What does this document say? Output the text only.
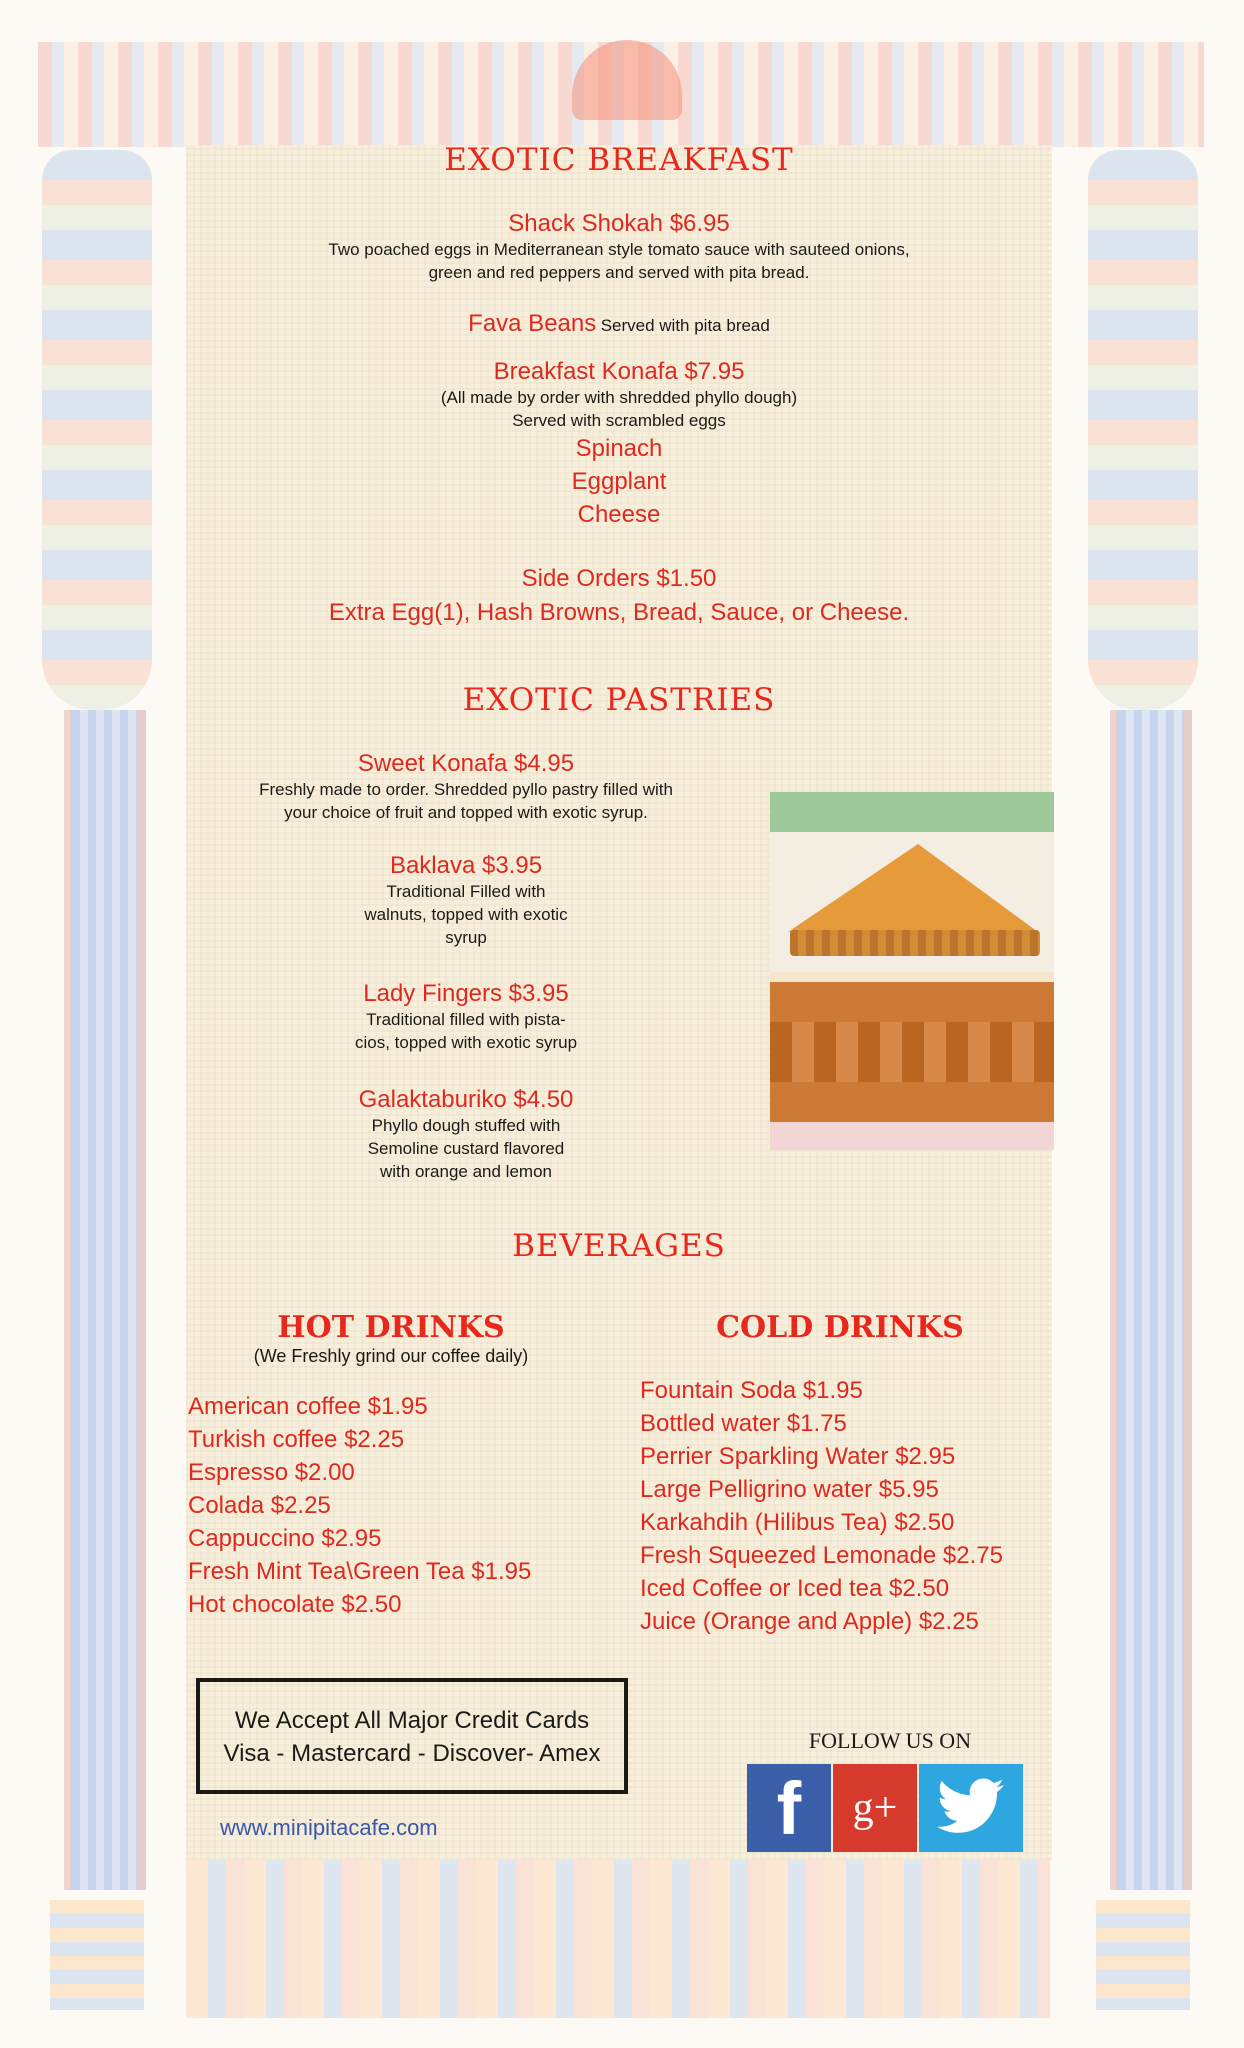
EXOTIC BREAKFAST
Shack Shokah $6.95
Two poached eggs in Mediterranean style tomato sauce with sauteed onions,
green and red peppers and served with pita bread.
Fava Beans Served with pita bread
Breakfast Konafa $7.95
(All made by order with shredded phyllo dough)
Served with scrambled eggs
Spinach
Eggplant
Cheese
Side Orders $1.50
Extra Egg(1), Hash Browns, Bread, Sauce, or Cheese.
EXOTIC PASTRIES
Sweet Konafa $4.95
Freshly made to order. Shredded pyllo pastry filled with
your choice of fruit and topped with exotic syrup.
Baklava $3.95
Traditional Filled with
walnuts, topped with exotic
syrup
Lady Fingers $3.95
Traditional filled with pista-
cios, topped with exotic syrup
Galaktaburiko $4.50
Phyllo dough stuffed with
Semoline custard flavored
with orange and lemon
BEVERAGES
HOT DRINKS
(We Freshly grind our coffee daily)
American coffee $1.95
Turkish coffee $2.25
Espresso $2.00
Colada $2.25
Cappuccino $2.95
Fresh Mint Tea\Green Tea $1.95
Hot chocolate $2.50
COLD DRINKS
Fountain Soda $1.95
Bottled water $1.75
Perrier Sparkling Water $2.95
Large Pelligrino water $5.95
Karkahdih (Hilibus Tea) $2.50
Fresh Squeezed Lemonade $2.75
Iced Coffee or Iced tea $2.50
Juice (Orange and Apple) $2.25
We Accept All Major Credit Cards
Visa - Mastercard - Discover- Amex
www.minipitacafe.com
FOLLOW US ON
f	g+
